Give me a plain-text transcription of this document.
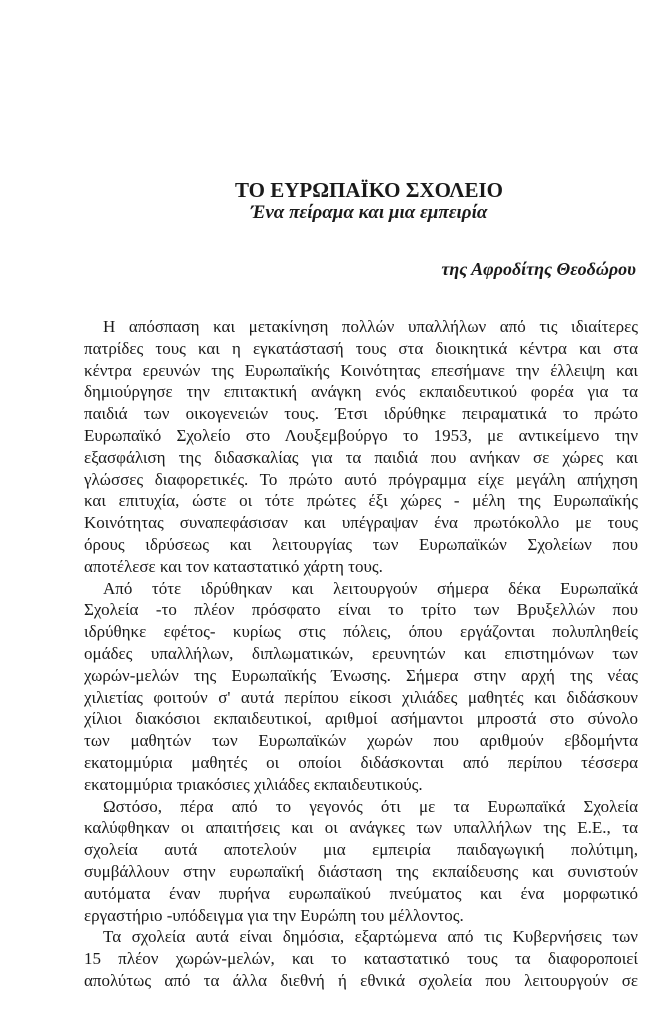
ΤΟ ΕΥΡΩΠΑΪΚΟ ΣΧΟΛΕΙΟ
Ένα πείραμα και μια εμπειρία
της Αφροδίτης Θεοδώρου
Η απόσπαση και μετακίνηση πολλών υπαλλήλων από τις ιδιαίτερες
πατρίδες τους και η εγκατάστασή τους στα διοικητικά κέντρα και στα
κέντρα ερευνών της Ευρωπαϊκής Κοινότητας επεσήμανε την έλλειψη και
δημιούργησε την επιτακτική ανάγκη ενός εκπαιδευτικού φορέα για τα
παιδιά των οικογενειών τους. Έτσι ιδρύθηκε πειραματικά το πρώτο
Ευρωπαϊκό Σχολείο στο Λουξεμβούργο το 1953, με αντικείμενο την
εξασφάλιση της διδασκαλίας για τα παιδιά που ανήκαν σε χώρες και
γλώσσες διαφορετικές. Το πρώτο αυτό πρόγραμμα είχε μεγάλη απήχηση
και επιτυχία, ώστε οι τότε πρώτες έξι χώρες - μέλη της Ευρωπαϊκής
Κοινότητας συναπεφάσισαν και υπέγραψαν ένα πρωτόκολλο με τους
όρους ιδρύσεως και λειτουργίας των Ευρωπαϊκών Σχολείων που
αποτέλεσε και τον καταστατικό χάρτη τους.
Από τότε ιδρύθηκαν και λειτουργούν σήμερα δέκα Ευρωπαϊκά
Σχολεία -το πλέον πρόσφατο είναι το τρίτο των Βρυξελλών που
ιδρύθηκε εφέτος- κυρίως στις πόλεις, όπου εργάζονται πολυπληθείς
ομάδες υπαλλήλων, διπλωματικών, ερευνητών και επιστημόνων των
χωρών-μελών της Ευρωπαϊκής Ένωσης. Σήμερα στην αρχή της νέας
χιλιετίας φοιτούν σ' αυτά περίπου είκοσι χιλιάδες μαθητές και διδάσκουν
χίλιοι διακόσιοι εκπαιδευτικοί, αριθμοί ασήμαντοι μπροστά στο σύνολο
των μαθητών των Ευρωπαϊκών χωρών που αριθμούν εβδομήντα
εκατομμύρια μαθητές οι οποίοι διδάσκονται από περίπου τέσσερα
εκατομμύρια τριακόσιες χιλιάδες εκπαιδευτικούς.
Ωστόσο, πέρα από το γεγονός ότι με τα Ευρωπαϊκά Σχολεία
καλύφθηκαν οι απαιτήσεις και οι ανάγκες των υπαλλήλων της Ε.Ε., τα
σχολεία αυτά αποτελούν μια εμπειρία παιδαγωγική πολύτιμη,
συμβάλλουν στην ευρωπαϊκή διάσταση της εκπαίδευσης και συνιστούν
αυτόματα έναν πυρήνα ευρωπαϊκού πνεύματος και ένα μορφωτικό
εργαστήριο -υπόδειγμα για την Ευρώπη του μέλλοντος.
Τα σχολεία αυτά είναι δημόσια, εξαρτώμενα από τις Κυβερνήσεις των
15 πλέον χωρών-μελών, και το καταστατικό τους τα διαφοροποιεί
απολύτως από τα άλλα διεθνή ή εθνικά σχολεία που λειτουργούν σε
